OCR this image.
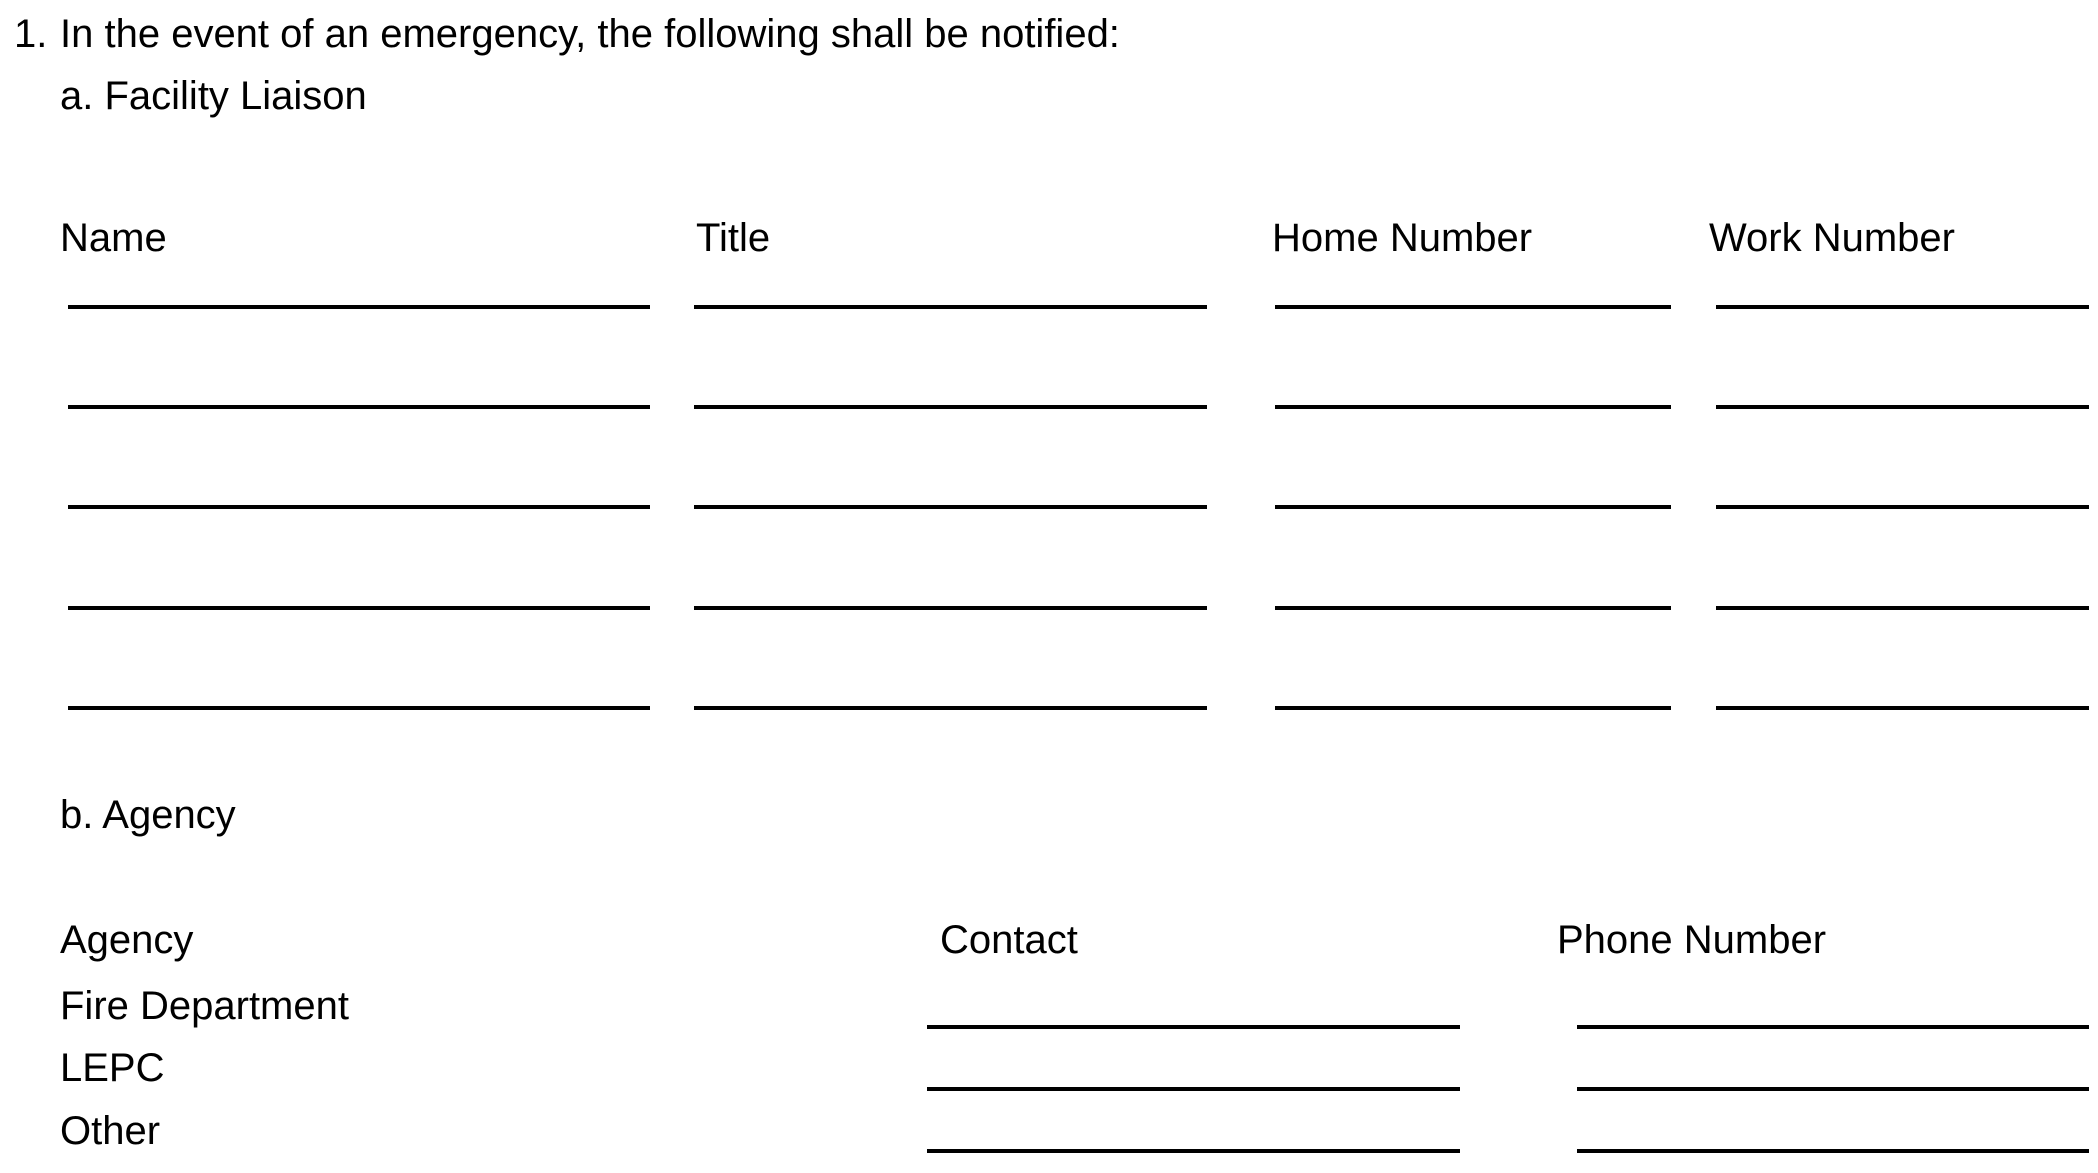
1. In the event of an emergency, the following shall be notified:
a. Facility Liaison
Name	Title	Home Number	Work Number
b. Agency
Agency	Contact	Phone Number
Fire Department
LEPC
Other
